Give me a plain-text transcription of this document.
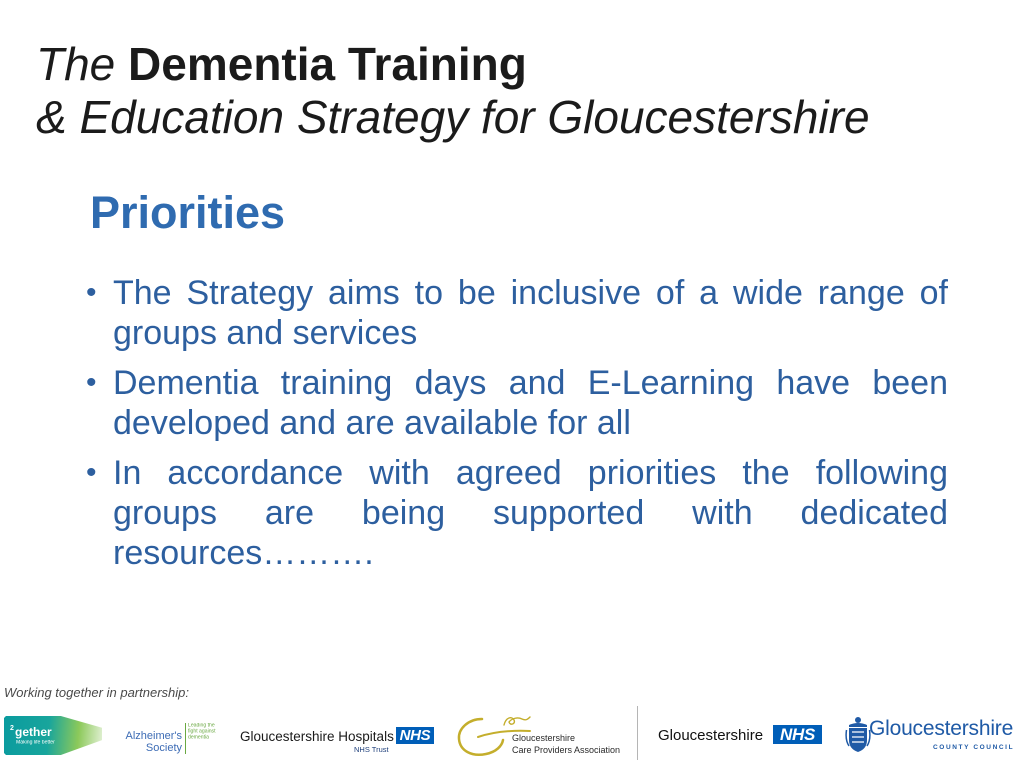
The Dementia Training
& Education Strategy for Gloucestershire
Priorities
• The Strategy aims to be inclusive of a wide range of groups and services
• Dementia training days and E-Learning have been developed and are available for all
• In accordance with agreed priorities the following groups are being supported with dedicated resources……….
Working together in partnership:
2 gether
Making life better
Alzheimer's
Society
Leading the
fight against
dementia	Gloucestershire Hospitals NHS
NHS Trust
Gloucestershire
Care Providers Association
Gloucestershire NHS	Gloucestershire
COUNTY COUNCIL
